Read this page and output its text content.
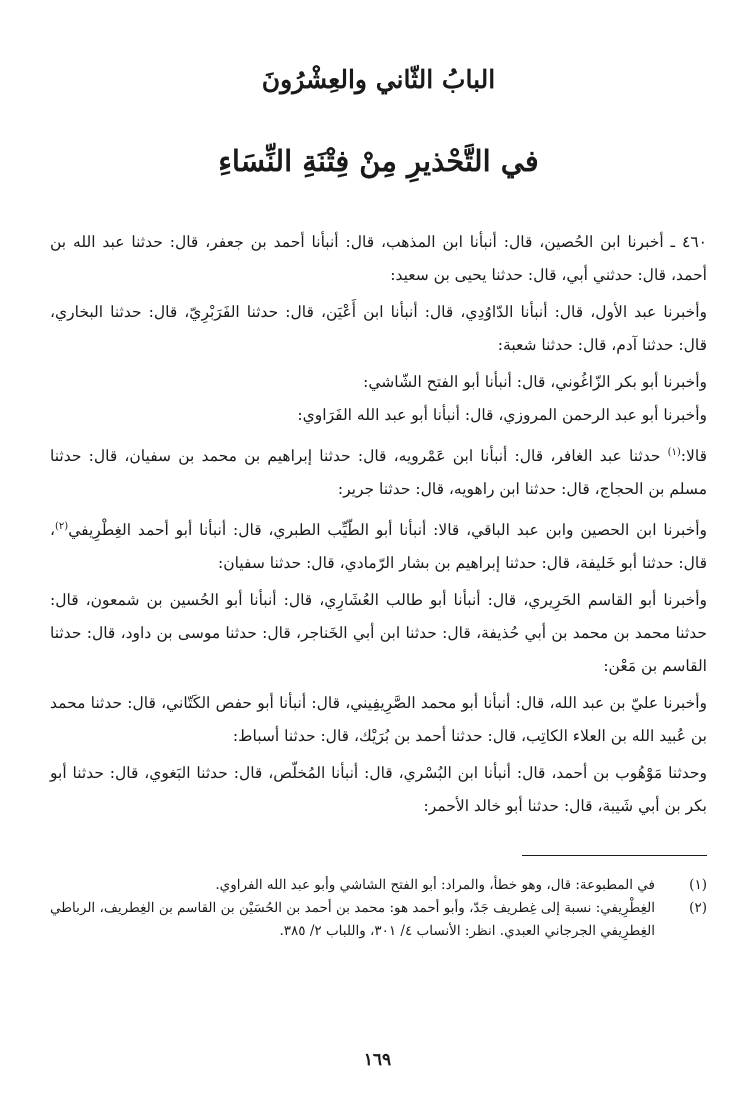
البابُ الثّاني والعِشْرُونَ
في التَّحْذيرِ مِنْ فِتْنَةِ النِّسَاءِ

٤٦٠ ـ أخبرنا ابن الحُصين، قال: أنبأنا ابن المذهب، قال: أنبأنا أحمد بن جعفر، قال: حدثنا عبد الله بن أحمد، قال: حدثني أبي، قال: حدثنا يحيى بن سعيد:

وأخبرنا عبد الأول، قال: أنبأنا الدّاوُدِي، قال: أنبأنا ابن أَعْيَن، قال: حدثنا الفَرَبْرِيّ، قال: حدثنا البخاري، قال: حدثنا آدم، قال: حدثنا شعبة:

وأخبرنا أبو بكر الزّاغُوني، قال: أنبأنا أبو الفتح الشّاشي:

وأخبرنا أبو عبد الرحمن المروزي، قال: أنبأنا أبو عبد الله الفَرَاوي:

قالا:$^{(١)}$ حدثنا عبد الغافر، قال: أنبأنا ابن عَمْرويه، قال: حدثنا إبراهيم بن محمد بن سفيان، قال: حدثنا مسلم بن الحجاج، قال: حدثنا ابن راهويه، قال: حدثنا جرير:

وأخبرنا ابن الحصين وابن عبد الباقي، قالا: أنبأنا أبو الطّيِّب الطبري، قال: أنبأنا أبو أحمد الغِطْرِيفي$^{(٢)}$، قال: حدثنا أبو خَليفة، قال: حدثنا إبراهيم بن بشار الرّمادي، قال: حدثنا سفيان:

وأخبرنا أبو القاسم الحَرِيري، قال: أنبأنا أبو طالب العُشَارِي، قال: أنبأنا أبو الحُسين بن شمعون، قال: حدثنا محمد بن محمد بن أبي حُذيفة، قال: حدثنا ابن أبي الخَناجر، قال: حدثنا موسى بن داود، قال: حدثنا القاسم بن مَعْن:

وأخبرنا عليّ بن عبد الله، قال: أنبأنا أبو محمد الصَّرِيفِيني، قال: أنبأنا أبو حفص الكَتّاني، قال: حدثنا محمد بن عُبيد الله بن العلاء الكاتِب، قال: حدثنا أحمد بن بُرَيْك، قال: حدثنا أسباط:

وحدثنا مَوْهُوب بن أحمد، قال: أنبأنا ابن البُسْري، قال: أنبأنا المُخلّص، قال: حدثنا البَغوي، قال: حدثنا أبو بكر بن أبي شَيبة، قال: حدثنا أبو خالد الأحمر:

(١)
في المطبوعة: قال، وهو خطأ، والمراد: أبو الفتح الشاشي وأبو عبد الله الفراوي.
(٢)
الغِطْرِيفي: نسبة إلى غِطريف جَدّ، وأبو أحمد هو: محمد بن أحمد بن الحُسَيْن بن القاسم بن الغِطريف، الرباطي الغِطرِيفي الجرجاني العبدي. انظر: الأنساب ٤/ ٣٠١، واللباب ٢/ ٣٨٥.
١٦٩
